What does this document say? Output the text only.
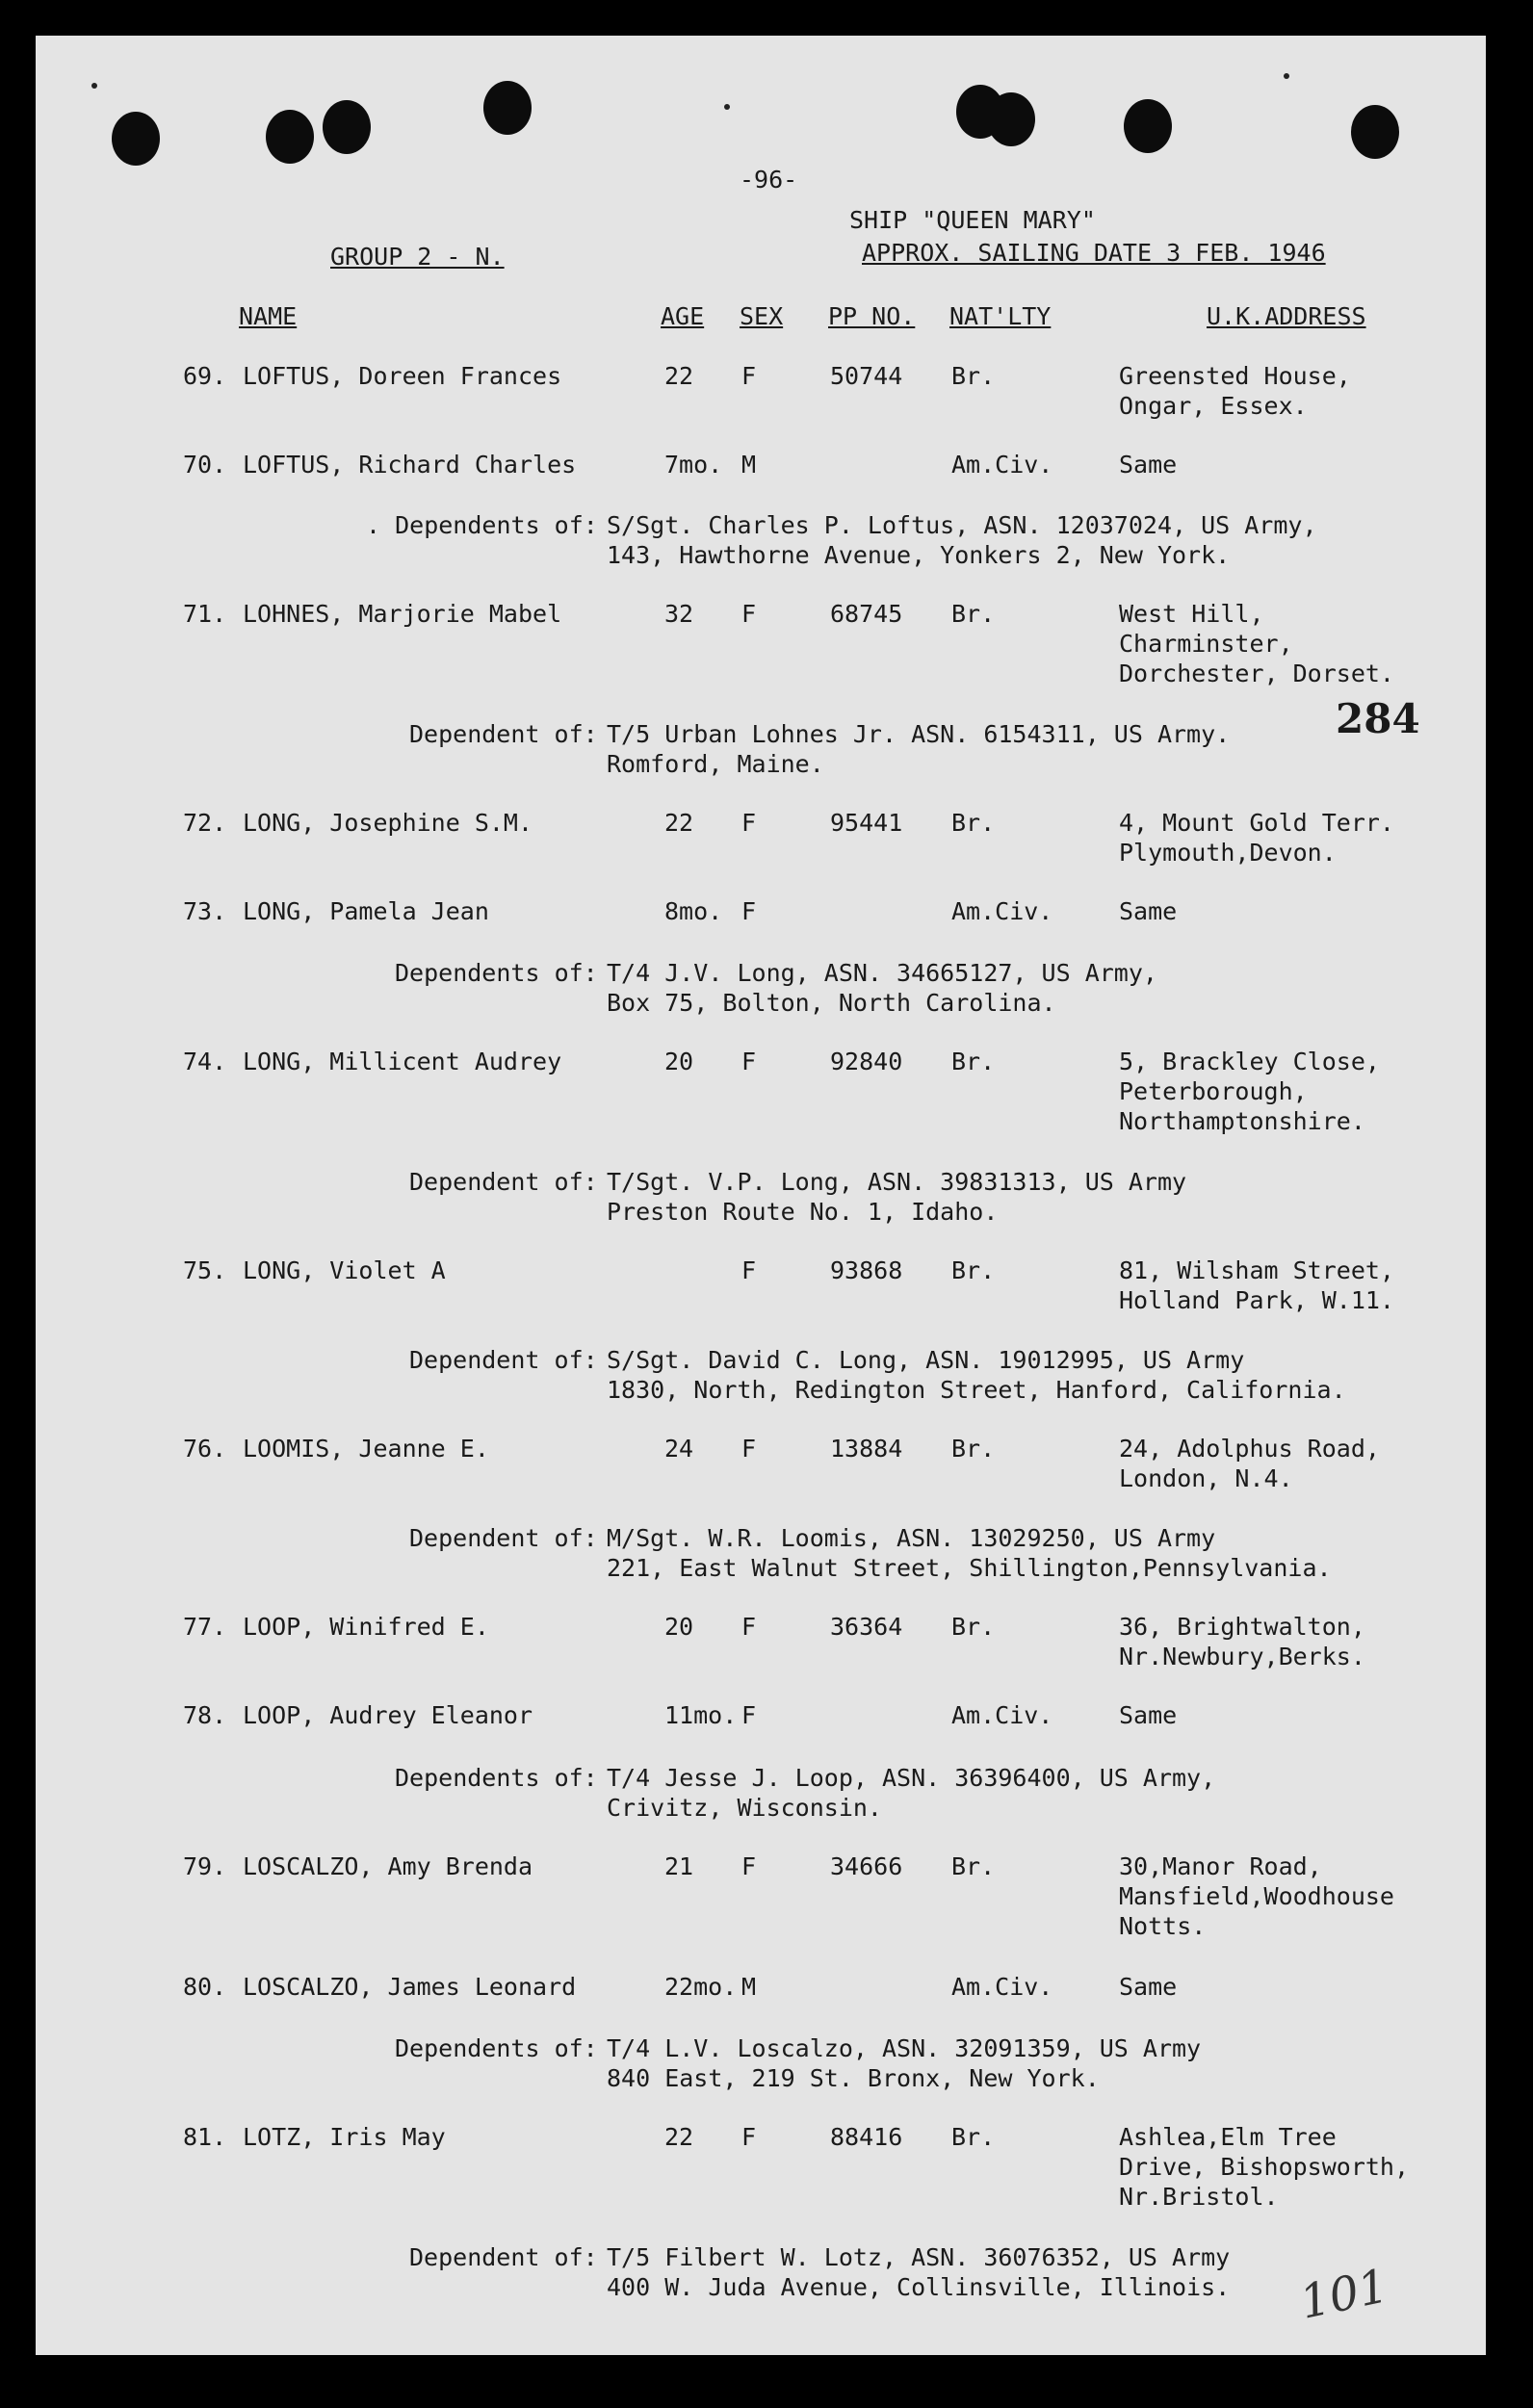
-96-
SHIP "QUEEN MARY"
APPROX. SAILING DATE 3 FEB. 1946
GROUP 2 - N.
NAME	AGE SEX PP NO. NAT'LTY	U.K.ADDRESS
69. LOFTUS, Doreen Frances	22 F	50744 Br.	Greensted House,
Ongar, Essex.
70. LOFTUS, Richard Charles	7mo. M	Am.Civ.	Same
. Dependents of: S/Sgt. Charles P. Loftus, ASN. 12037024, US Army,
143, Hawthorne Avenue, Yonkers 2, New York.
71. LOHNES, Marjorie Mabel	32 F	68745 Br.	West Hill,
Charminster,
Dorchester, Dorset.
Dependent of: T/5 Urban Lohnes Jr. ASN. 6154311, US Army.
Romford, Maine.
72. LONG, Josephine S.M.	22 F	95441 Br.	4, Mount Gold Terr.
Plymouth,Devon.
73. LONG, Pamela Jean	8mo. F	Am.Civ.	Same
Dependents of: T/4 J.V. Long, ASN. 34665127, US Army,
Box 75, Bolton, North Carolina.
74. LONG, Millicent Audrey	20 F	92840 Br.	5, Brackley Close,
Peterborough,
Northamptonshire.
Dependent of: T/Sgt. V.P. Long, ASN. 39831313, US Army
Preston Route No. 1, Idaho.
75. LONG, Violet A	F	93868 Br.	81, Wilsham Street,
Holland Park, W.11.
Dependent of: S/Sgt. David C. Long, ASN. 19012995, US Army
1830, North, Redington Street, Hanford, California.
76. LOOMIS, Jeanne E.	24 F	13884 Br.	24, Adolphus Road,
London, N.4.
Dependent of: M/Sgt. W.R. Loomis, ASN. 13029250, US Army
221, East Walnut Street, Shillington,Pennsylvania.
77. LOOP, Winifred E.	20 F	36364 Br.	36, Brightwalton,
Nr.Newbury,Berks.
78. LOOP, Audrey Eleanor	11mo. F	Am.Civ.	Same
Dependents of: T/4 Jesse J. Loop, ASN. 36396400, US Army,
Crivitz, Wisconsin.
79. LOSCALZO, Amy Brenda	21 F	34666 Br.	30,Manor Road,
Mansfield,Woodhouse
Notts.
80. LOSCALZO, James Leonard	22mo. M	Am.Civ.	Same
Dependents of: T/4 L.V. Loscalzo, ASN. 32091359, US Army
840 East, 219 St. Bronx, New York.
81. LOTZ, Iris May	22 F	88416 Br.	Ashlea,Elm Tree
Drive, Bishopsworth,
Nr.Bristol.
Dependent of: T/5 Filbert W. Lotz, ASN. 36076352, US Army
400 W. Juda Avenue, Collinsville, Illinois.
284
101
